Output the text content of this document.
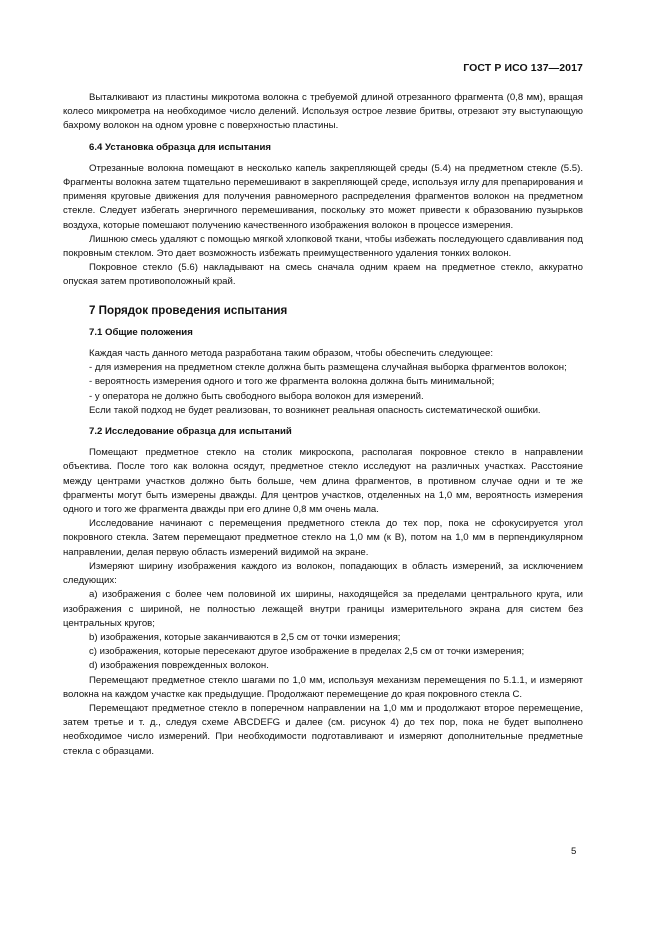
ГОСТ Р ИСО 137—2017

Выталкивают из пластины микротома волокна с требуемой длиной отрезанного фрагмента (0,8 мм), вращая колесо микрометра на необходимое число делений. Используя острое лезвие бритвы, отрезают эту выступающую бахрому волокон на одном уровне с поверхностью пластины.

6.4 Установка образца для испытания

Отрезанные волокна помещают в несколько капель закрепляющей среды (5.4) на предметном стекле (5.5). Фрагменты волокна затем тщательно перемешивают в закрепляющей среде, используя иглу для препарирования и применяя круговые движения для получения равномерного распределения фрагментов волокон на предметном стекле. Следует избегать энергичного перемешивания, поскольку это может привести к образованию пузырьков воздуха, которые помешают получению качественного изображения волокон в процессе измерения.

Лишнюю смесь удаляют с помощью мягкой хлопковой ткани, чтобы избежать последующего сдавливания под покровным стеклом. Это дает возможность избежать преимущественного удаления тонких волокон.

Покровное стекло (5.6) накладывают на смесь сначала одним краем на предметное стекло, аккуратно опуская затем противоположный край.

7 Порядок проведения испытания

7.1 Общие положения

Каждая часть данного метода разработана таким образом, чтобы обеспечить следующее:

- для измерения на предметном стекле должна быть размещена случайная выборка фрагментов волокон;

- вероятность измерения одного и того же фрагмента волокна должна быть минимальной;

- у оператора не должно быть свободного выбора волокон для измерений.

Если такой подход не будет реализован, то возникнет реальная опасность систематической ошибки.

7.2 Исследование образца для испытаний

Помещают предметное стекло на столик микроскопа, располагая покровное стекло в направлении объектива. После того как волокна осядут, предметное стекло исследуют на различных участках. Расстояние между центрами участков должно быть больше, чем длина фрагментов, в противном случае одни и те же фрагменты могут быть измерены дважды. Для центров участков, отделенных на 1,0 мм, вероятность измерения одного и того же фрагмента дважды при его длине 0,8 мм очень мала.

Исследование начинают с перемещения предметного стекла до тех пор, пока не сфокусируется угол покровного стекла. Затем перемещают предметное стекло на 1,0 мм (к B), потом на 1,0 мм в перпендикулярном направлении, делая первую область измерений видимой на экране.

Измеряют ширину изображения каждого из волокон, попадающих в область измерений, за исключением следующих:

a) изображения с более чем половиной их ширины, находящейся за пределами центрального круга, или изображения с шириной, не полностью лежащей внутри границы измерительного экрана для систем без центральных кругов;

b) изображения, которые заканчиваются в 2,5 см от точки измерения;

c) изображения, которые пересекают другое изображение в пределах 2,5 см от точки измерения;

d) изображения поврежденных волокон.

Перемещают предметное стекло шагами по 1,0 мм, используя механизм перемещения по 5.1.1, и измеряют волокна на каждом участке как предыдущие. Продолжают перемещение до края покровного стекла C.

Перемещают предметное стекло в поперечном направлении на 1,0 мм и продолжают второе перемещение, затем третье и т. д., следуя схеме ABCDEFG и далее (см. рисунок 4) до тех пор, пока не будет выполнено необходимое число измерений. При необходимости подготавливают и измеряют дополнительные предметные стекла с образцами.

5
